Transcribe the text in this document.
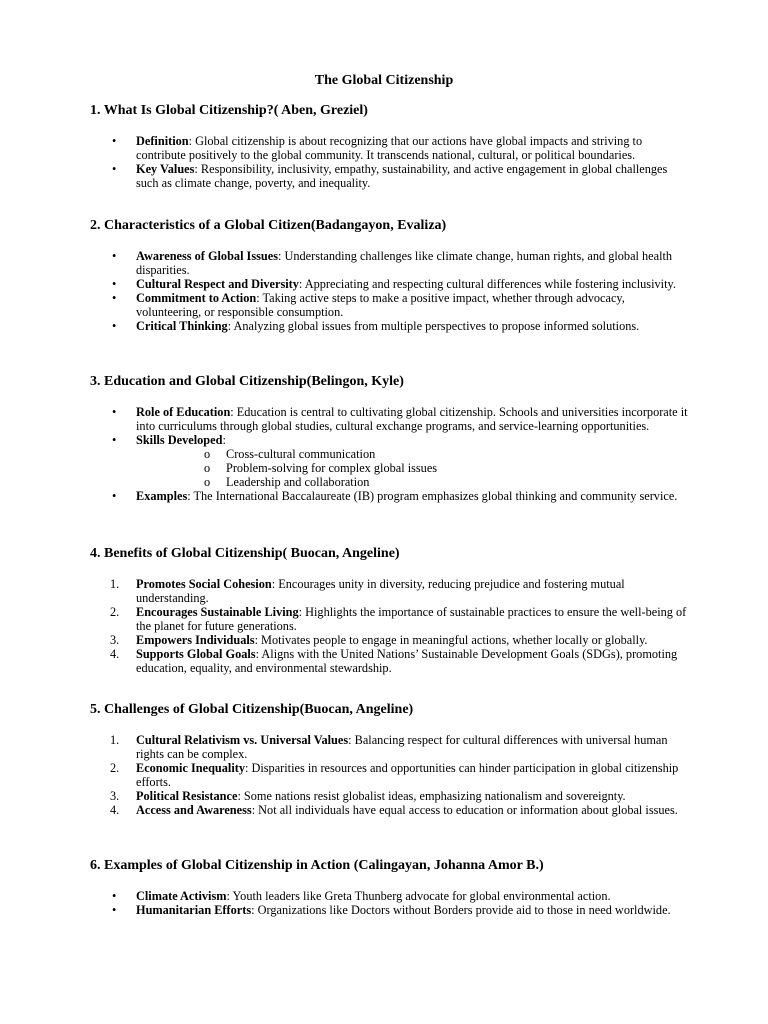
The Global Citizenship

1. What Is Global Citizenship?( Aben, Greziel)

• Definition: Global citizenship is about recognizing that our actions have global impacts and striving to contribute positively to the global community. It transcends national, cultural, or political boundaries.
• Key Values: Responsibility, inclusivity, empathy, sustainability, and active engagement in global challenges such as climate change, poverty, and inequality.

2. Characteristics of a Global Citizen(Badangayon, Evaliza)

• Awareness of Global Issues: Understanding challenges like climate change, human rights, and global health disparities.
• Cultural Respect and Diversity: Appreciating and respecting cultural differences while fostering inclusivity.
• Commitment to Action: Taking active steps to make a positive impact, whether through advocacy, volunteering, or responsible consumption.
• Critical Thinking: Analyzing global issues from multiple perspectives to propose informed solutions.

3. Education and Global Citizenship(Belingon, Kyle)

• Role of Education: Education is central to cultivating global citizenship. Schools and universities incorporate it into curriculums through global studies, cultural exchange programs, and service-learning opportunities.
• Skills Developed:
o Cross-cultural communication
o Problem-solving for complex global issues
o Leadership and collaboration
• Examples: The International Baccalaureate (IB) program emphasizes global thinking and community service.

4. Benefits of Global Citizenship( Buocan, Angeline)

1. Promotes Social Cohesion: Encourages unity in diversity, reducing prejudice and fostering mutual understanding.
2. Encourages Sustainable Living: Highlights the importance of sustainable practices to ensure the well-being of the planet for future generations.
3. Empowers Individuals: Motivates people to engage in meaningful actions, whether locally or globally.
4. Supports Global Goals: Aligns with the United Nations’ Sustainable Development Goals (SDGs), promoting education, equality, and environmental stewardship.

5. Challenges of Global Citizenship(Buocan, Angeline)

1. Cultural Relativism vs. Universal Values: Balancing respect for cultural differences with universal human rights can be complex.
2. Economic Inequality: Disparities in resources and opportunities can hinder participation in global citizenship efforts.
3. Political Resistance: Some nations resist globalist ideas, emphasizing nationalism and sovereignty.
4. Access and Awareness: Not all individuals have equal access to education or information about global issues.

6. Examples of Global Citizenship in Action (Calingayan, Johanna Amor B.)

• Climate Activism: Youth leaders like Greta Thunberg advocate for global environmental action.
• Humanitarian Efforts: Organizations like Doctors without Borders provide aid to those in need worldwide.
